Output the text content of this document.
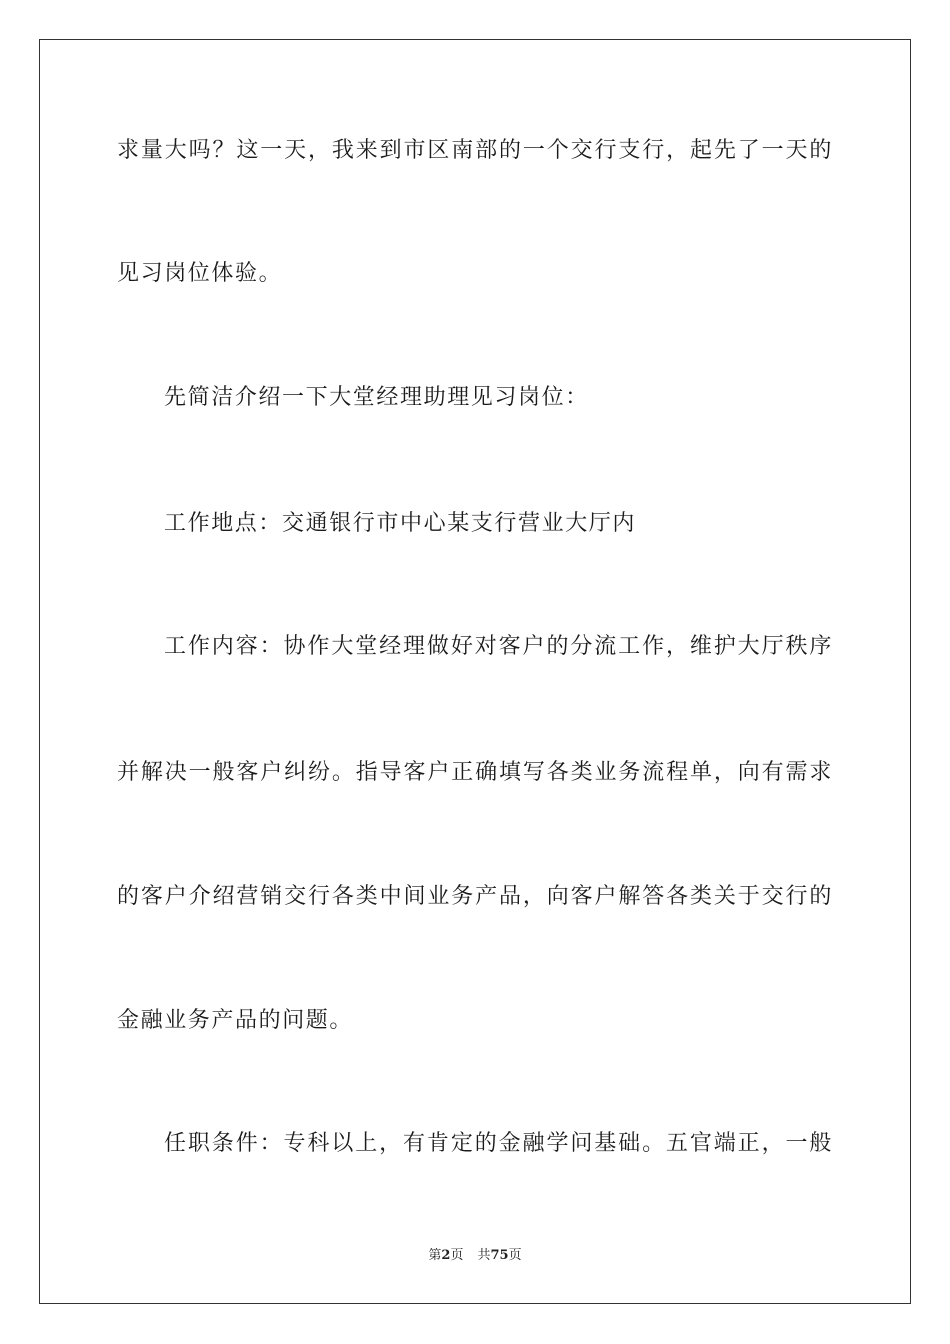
求量大吗？这一天，我来到市区南部的一个交行支行，起先了一天的
见习岗位体验。
先简洁介绍一下大堂经理助理见习岗位：
工作地点：交通银行市中心某支行营业大厅内
工作内容：协作大堂经理做好对客户的分流工作，维护大厅秩序
并解决一般客户纠纷。指导客户正确填写各类业务流程单，向有需求
的客户介绍营销交行各类中间业务产品，向客户解答各类关于交行的
金融业务产品的问题。
任职条件：专科以上，有肯定的金融学问基础。五官端正，一般
第2页 共75页
